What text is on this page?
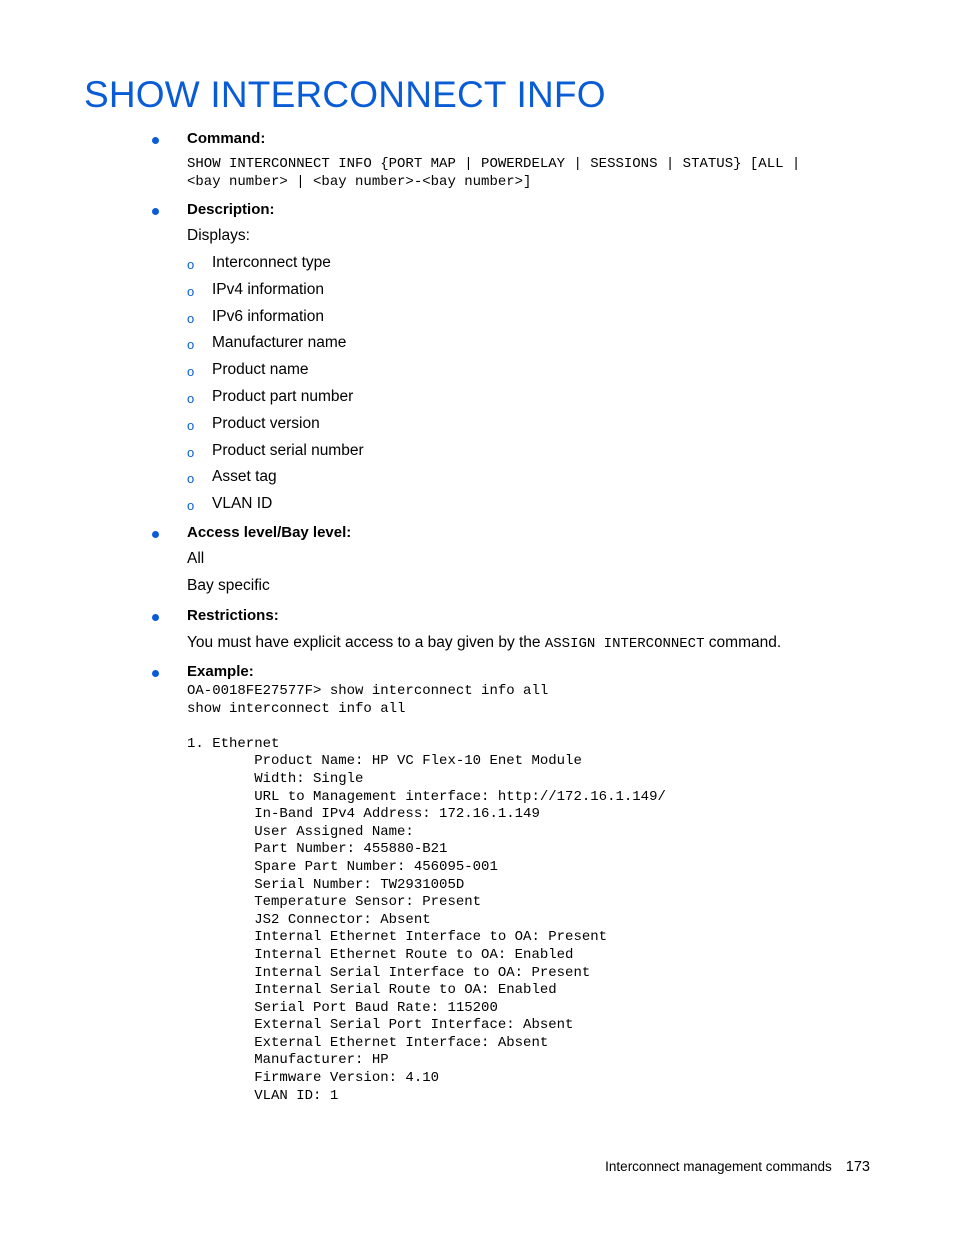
SHOW INTERCONNECT INFO
Command:
SHOW INTERCONNECT INFO {PORT MAP | POWERDELAY | SESSIONS | STATUS} [ALL |
<bay number> | <bay number>-<bay number>]
Description:
Displays:
o Interconnect type
o IPv4 information
o IPv6 information
o Manufacturer name
o Product name
o Product part number
o Product version
o Product serial number
o Asset tag
o VLAN ID
Access level/Bay level:
All
Bay specific
Restrictions:
You must have explicit access to a bay given by the ASSIGN INTERCONNECT command.
Example:
OA-0018FE27577F> show interconnect info all
show interconnect info all

1. Ethernet
Product Name: HP VC Flex-10 Enet Module
Width: Single
URL to Management interface: http://172.16.1.149/
In-Band IPv4 Address: 172.16.1.149
User Assigned Name:
Part Number: 455880-B21
Spare Part Number: 456095-001
Serial Number: TW2931005D
Temperature Sensor: Present
JS2 Connector: Absent
Internal Ethernet Interface to OA: Present
Internal Ethernet Route to OA: Enabled
Internal Serial Interface to OA: Present
Internal Serial Route to OA: Enabled
Serial Port Baud Rate: 115200
External Serial Port Interface: Absent
External Ethernet Interface: Absent
Manufacturer: HP
Firmware Version: 4.10
VLAN ID: 1
Interconnect management commands 173
